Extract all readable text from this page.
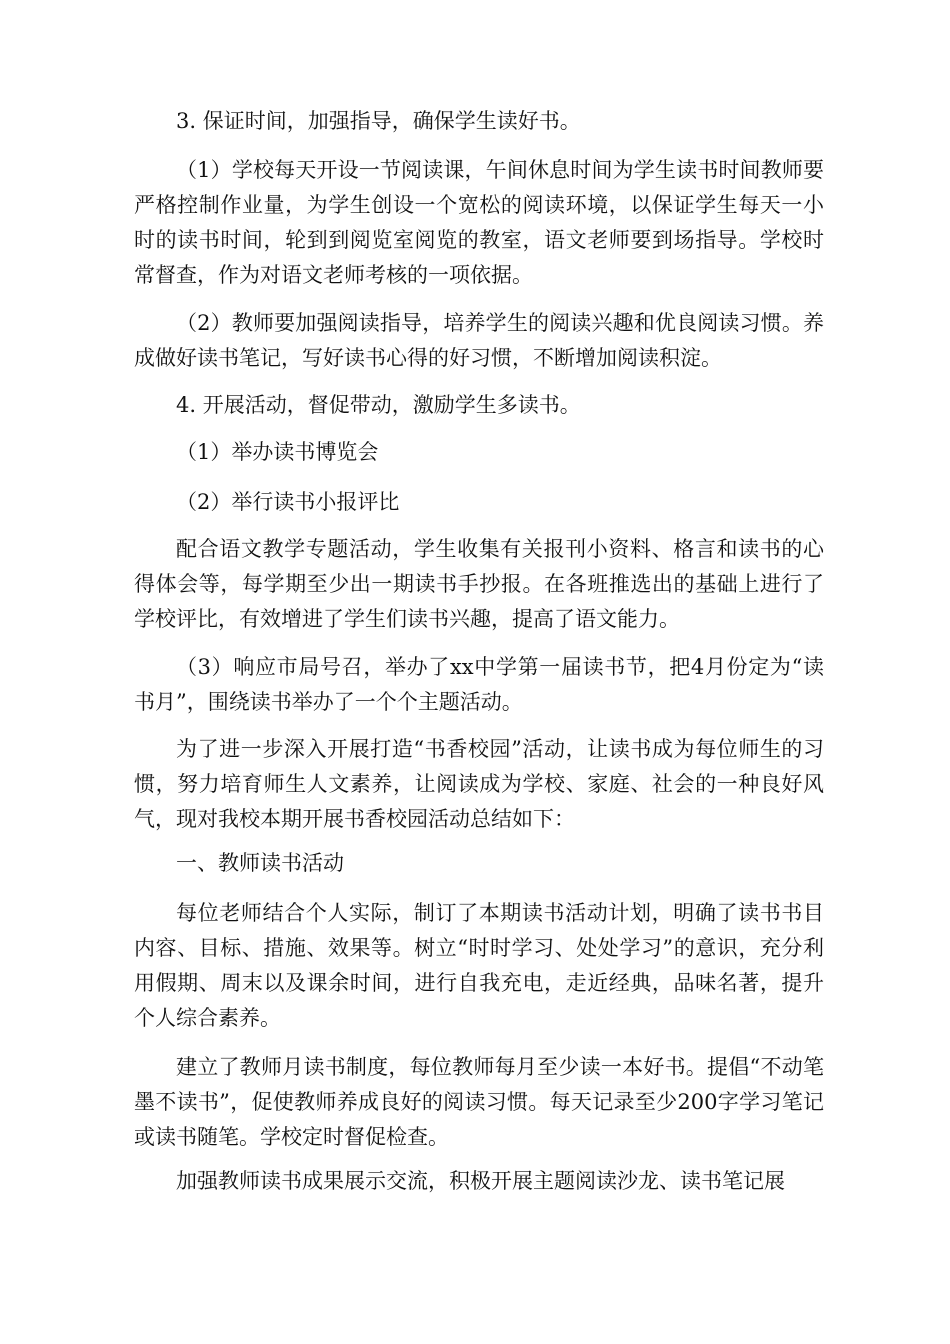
3. 保证时间，加强指导，确保学生读好书。

（1）学校每天开设一节阅读课，午间休息时间为学生读书时间教师要严格控制作业量，为学生创设一个宽松的阅读环境，以保证学生每天一小时的读书时间，轮到到阅览室阅览的教室，语文老师要到场指导。学校时常督查，作为对语文老师考核的一项依据。

（2）教师要加强阅读指导，培养学生的阅读兴趣和优良阅读习惯。养成做好读书笔记，写好读书心得的好习惯，不断增加阅读积淀。

4. 开展活动，督促带动，激励学生多读书。

（1）举办读书博览会

（2）举行读书小报评比

配合语文教学专题活动，学生收集有关报刊小资料、格言和读书的心得体会等，每学期至少出一期读书手抄报。在各班推选出的基础上进行了学校评比，有效增进了学生们读书兴趣，提高了语文能力。

（3）响应市局号召，举办了xx中学第一届读书节，把4月份定为“读书月”，围绕读书举办了一个个主题活动。

为了进一步深入开展打造“书香校园”活动，让读书成为每位师生的习惯，努力培育师生人文素养，让阅读成为学校、家庭、社会的一种良好风气，现对我校本期开展书香校园活动总结如下：

一、教师读书活动

每位老师结合个人实际，制订了本期读书活动计划，明确了读书书目内容、目标、措施、效果等。树立“时时学习、处处学习”的意识，充分利用假期、周末以及课余时间，进行自我充电，走近经典，品味名著，提升个人综合素养。

建立了教师月读书制度，每位教师每月至少读一本好书。提倡“不动笔墨不读书”，促使教师养成良好的阅读习惯。每天记录至少200字学习笔记或读书随笔。学校定时督促检查。

加强教师读书成果展示交流，积极开展主题阅读沙龙、读书笔记展
